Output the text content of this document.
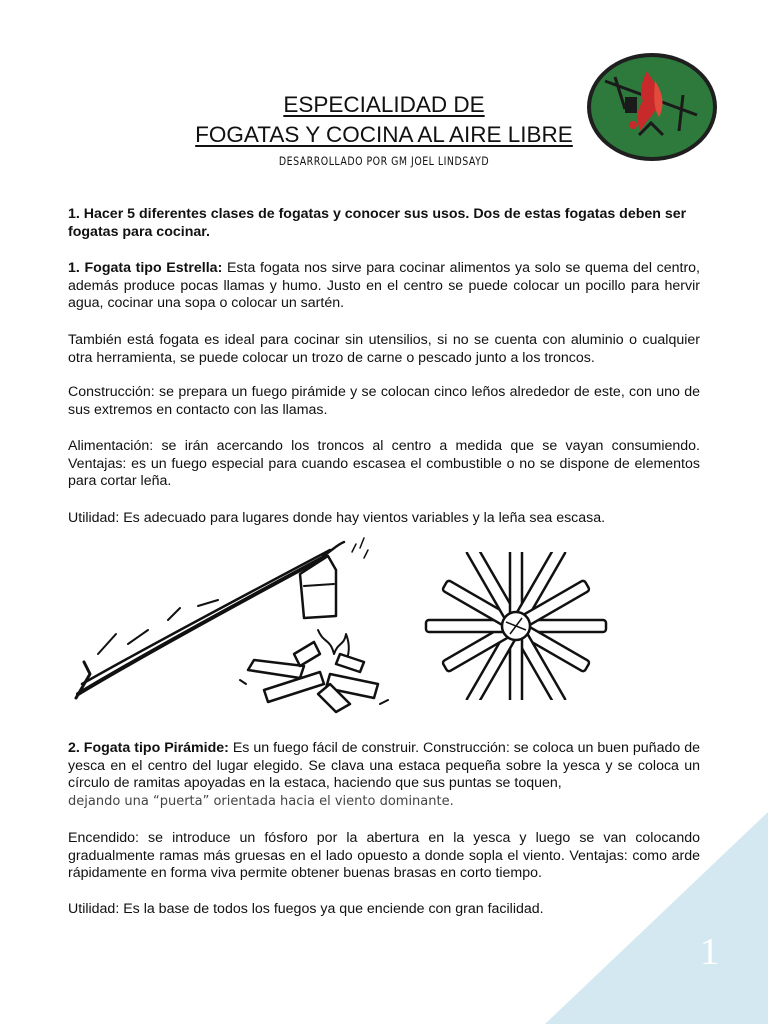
ESPECIALIDAD DE
FOGATAS Y COCINA AL AIRE LIBRE
DESARROLLADO POR GM JOEL LINDSAYD
1. Hacer 5 diferentes clases de fogatas y conocer sus usos. Dos de estas fogatas deben ser fogatas para cocinar.
1. Fogata tipo Estrella: Esta fogata nos sirve para cocinar alimentos ya solo se quema del centro, además produce pocas llamas y humo. Justo en el centro se puede colocar un pocillo para hervir agua, cocinar una sopa o colocar un sartén.
También está fogata es ideal para cocinar sin utensilios, si no se cuenta con aluminio o cualquier otra herramienta, se puede colocar un trozo de carne o pescado junto a los troncos.
Construcción: se prepara un fuego pirámide y se colocan cinco leños alrededor de este, con uno de sus extremos en contacto con las llamas.
Alimentación: se irán acercando los troncos al centro a medida que se vayan consumiendo. Ventajas: es un fuego especial para cuando escasea el combustible o no se dispone de elementos para cortar leña.
Utilidad: Es adecuado para lugares donde hay vientos variables y la leña sea escasa.
2. Fogata tipo Pirámide: Es un fuego fácil de construir. Construcción: se coloca un buen puñado de yesca en el centro del lugar elegido. Se clava una estaca pequeña sobre la yesca y se coloca un círculo de ramitas apoyadas en la estaca, haciendo que sus puntas se toquen,
dejando una “puerta” orientada hacia el viento dominante.
Encendido: se introduce un fósforo por la abertura en la yesca y luego se van colocando gradualmente ramas más gruesas en el lado opuesto a donde sopla el viento. Ventajas: como arde rápidamente en forma viva permite obtener buenas brasas en corto tiempo.
Utilidad: Es la base de todos los fuegos ya que enciende con gran facilidad.
1
